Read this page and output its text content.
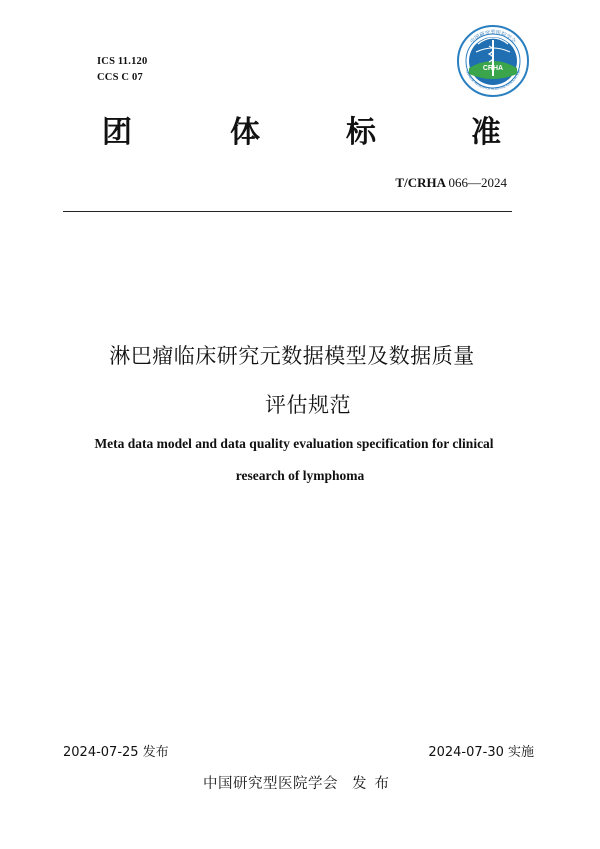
ICS 11.120
CCS C 07
CRHA
中国研究型医院学会
CHINESE RESEARCH HOSPITAL ASSOCIATION
团	体	标	准
T/CRHA 066—2024
淋巴瘤临床研究元数据模型及数据质量
评估规范
Meta data model and data quality evaluation specification for clinical
research of lymphoma
2024-07-25 发布	2024-07-30 实施
中国研究型医院学会 发布
